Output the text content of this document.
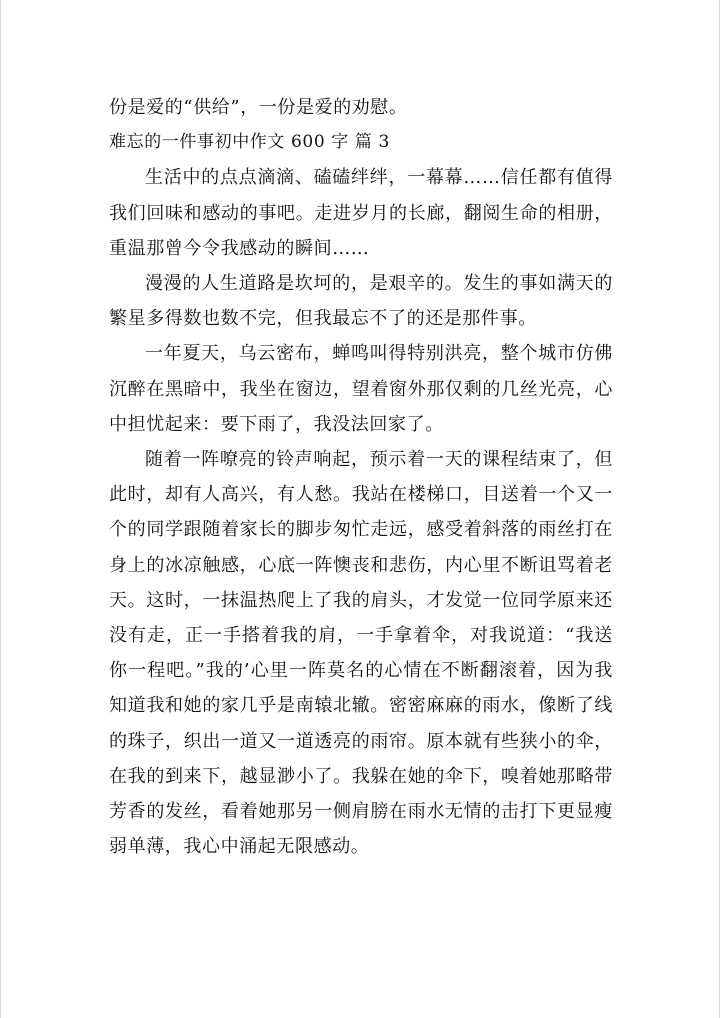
份是爱的“供给”，一份是爱的劝慰。

难忘的一件事初中作文 600 字 篇 3

生活中的点点滴滴、磕磕绊绊，一幕幕……信任都有值得我们回味和感动的事吧。走进岁月的长廊，翻阅生命的相册，重温那曾今令我感动的瞬间……

漫漫的人生道路是坎坷的，是艰辛的。发生的事如满天的繁星多得数也数不完，但我最忘不了的还是那件事。

一年夏天，乌云密布，蝉鸣叫得特别洪亮，整个城市仿佛沉醉在黑暗中，我坐在窗边，望着窗外那仅剩的几丝光亮，心中担忧起来：要下雨了，我没法回家了。

随着一阵嘹亮的铃声响起，预示着一天的课程结束了，但此时，却有人高兴，有人愁。我站在楼梯口，目送着一个又一个的同学跟随着家长的脚步匆忙走远，感受着斜落的雨丝打在身上的冰凉触感，心底一阵懊丧和悲伤，内心里不断诅骂着老天。这时，一抹温热爬上了我的肩头，才发觉一位同学原来还没有走，正一手搭着我的肩，一手拿着伞，对我说道：“我送你一程吧。”我的’心里一阵莫名的心情在不断翻滚着，因为我知道我和她的家几乎是南辕北辙。密密麻麻的雨水，像断了线的珠子，织出一道又一道透亮的雨帘。原本就有些狭小的伞，在我的到来下，越显渺小了。我躲在她的伞下，嗅着她那略带芳香的发丝，看着她那另一侧肩膀在雨水无情的击打下更显瘦弱单薄，我心中涌起无限感动。
